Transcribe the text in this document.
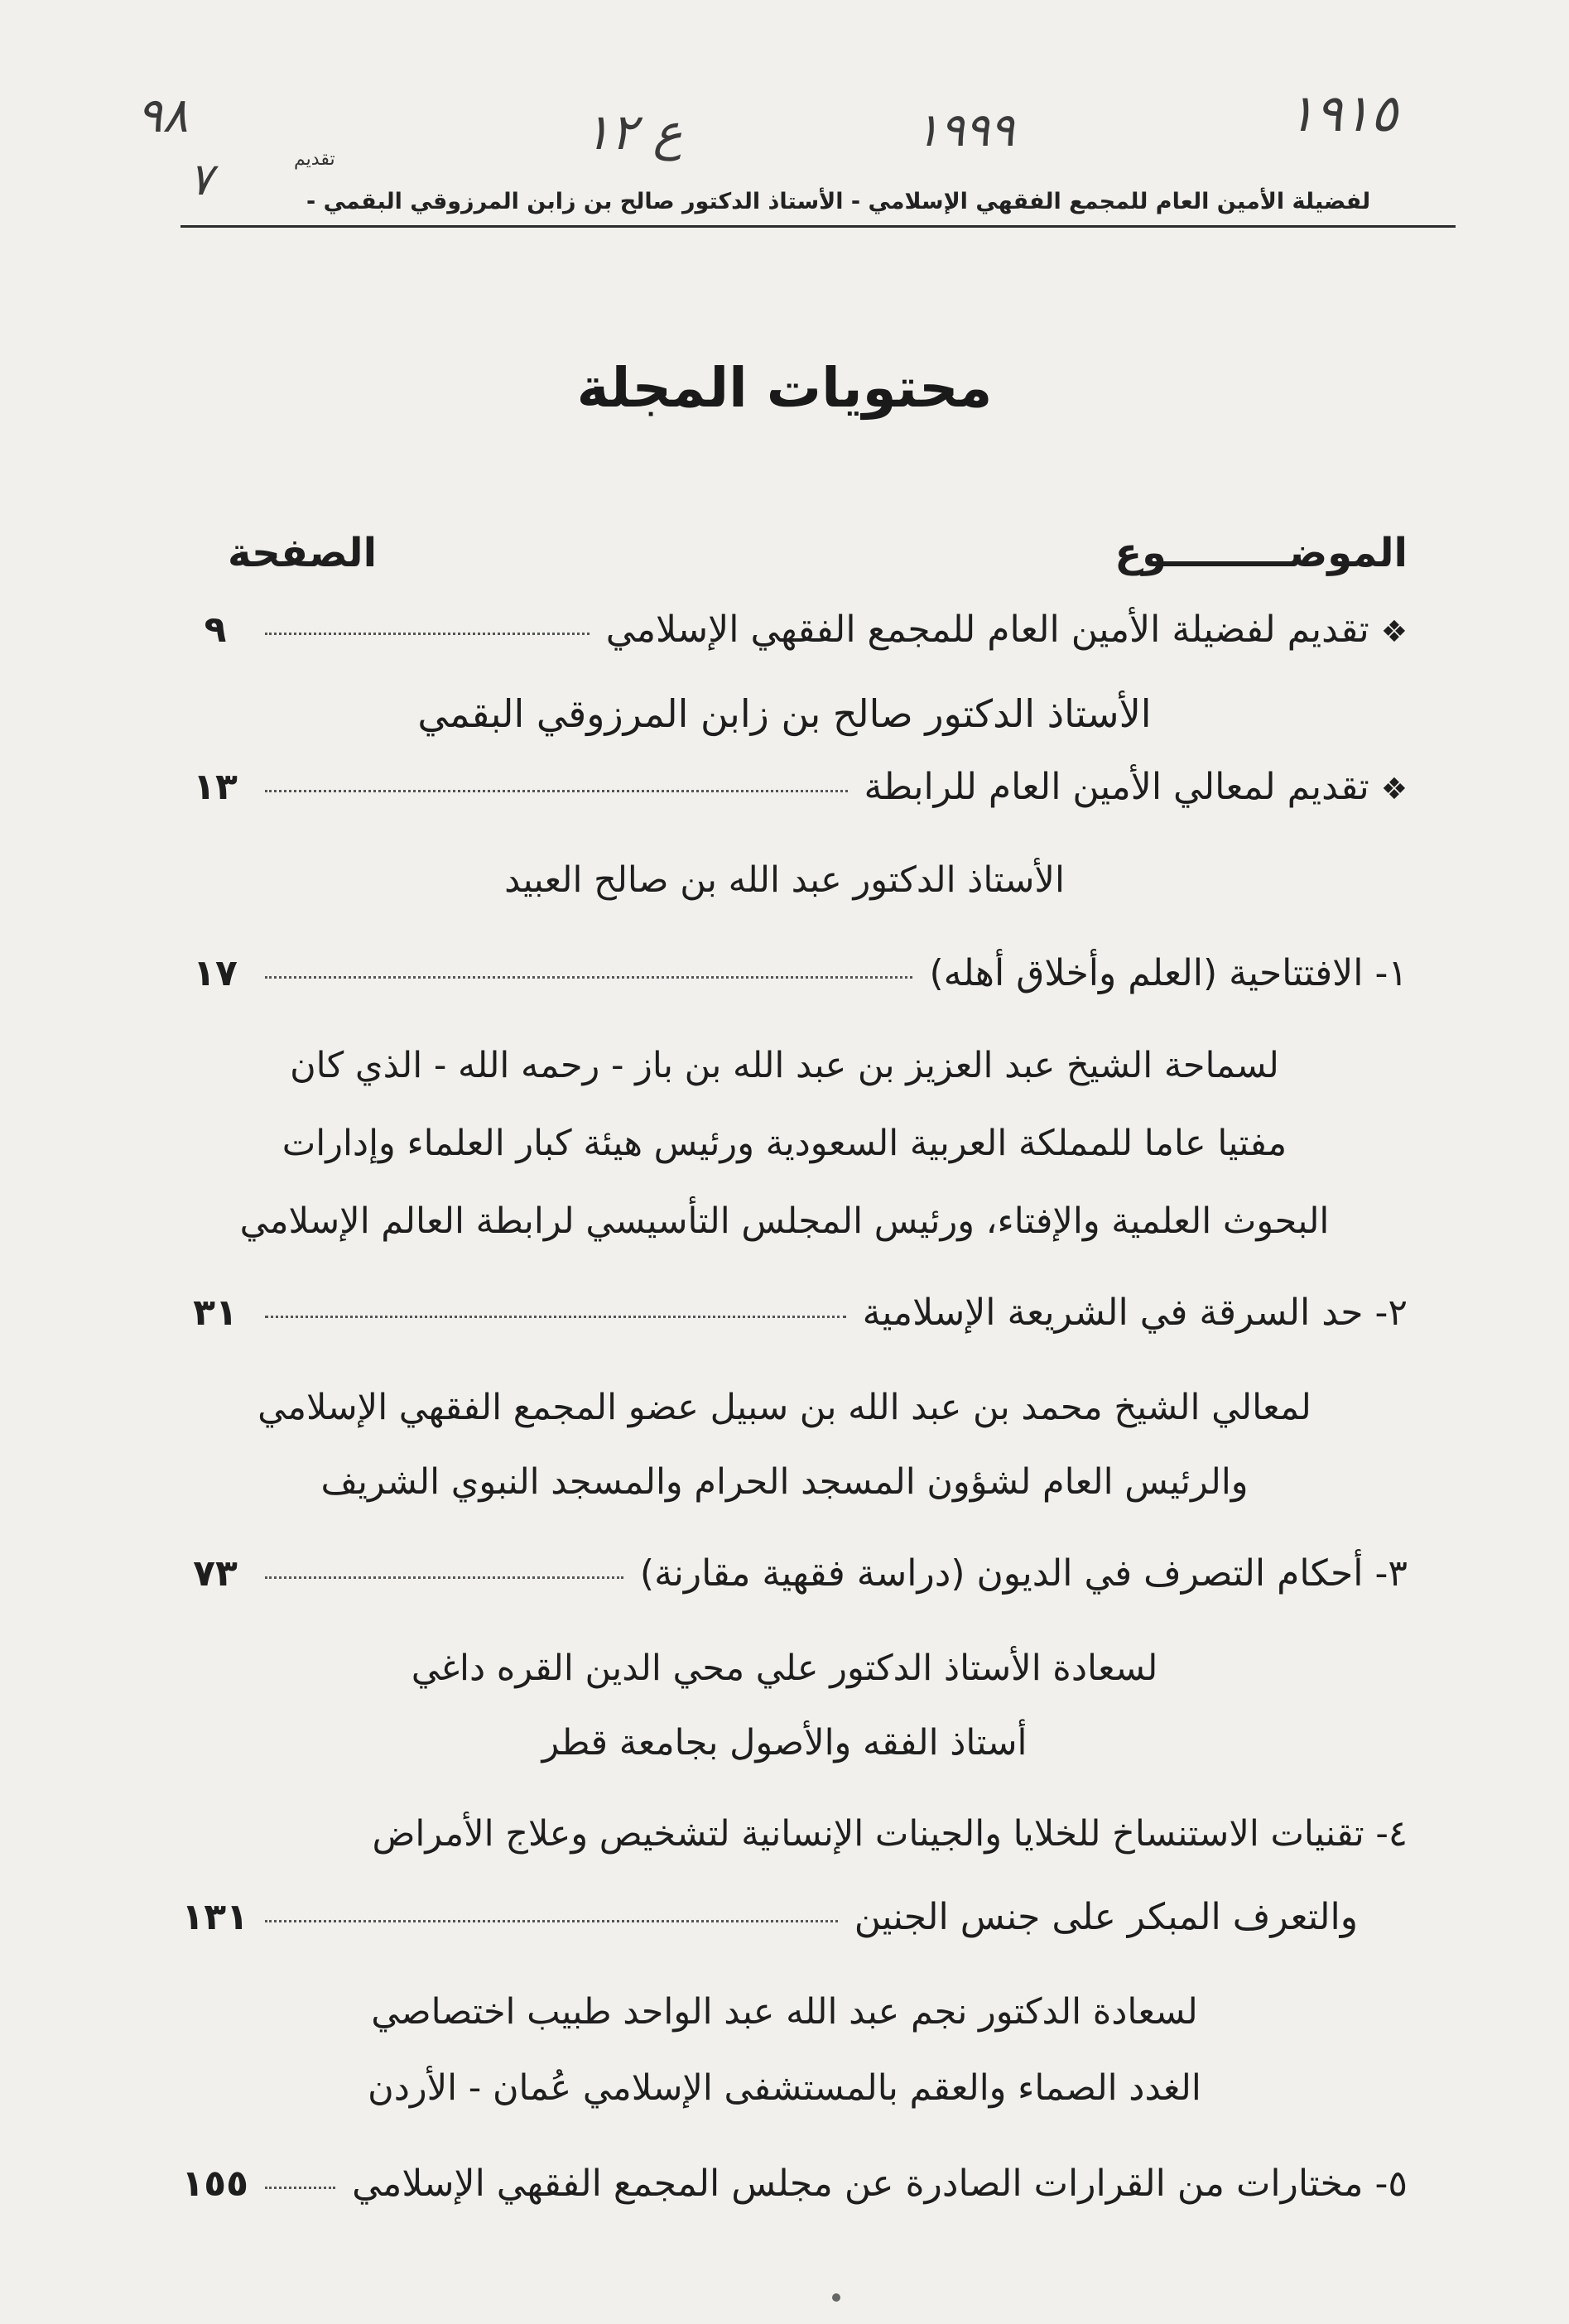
٩٨
٧
١٩٩٩
ع ١٢	١٩١٥
تقديم
لفضيلة الأمين العام للمجمع الفقهي الإسلامي - الأستاذ الدكتور صالح بن زابن المرزوقي البقمي -
محتويات المجلة
الموضـــــــــوع
الصفحة
❖تقديم لفضيلة الأمين العام للمجمع الفقهي الإسلامي
٩
الأستاذ الدكتور صالح بن زابن المرزوقي البقمي
❖تقديم لمعالي الأمين العام للرابطة
١٣
الأستاذ الدكتور عبد الله بن صالح العبيد
١- الافتتاحية (العلم وأخلاق أهله)
١٧
لسماحة الشيخ عبد العزيز بن عبد الله بن باز - رحمه الله - الذي كان
مفتيا عاما للمملكة العربية السعودية ورئيس هيئة كبار العلماء وإدارات
البحوث العلمية والإفتاء، ورئيس المجلس التأسيسي لرابطة العالم الإسلامي
٢- حد السرقة في الشريعة الإسلامية
٣١
لمعالي الشيخ محمد بن عبد الله بن سبيل عضو المجمع الفقهي الإسلامي
والرئيس العام لشؤون المسجد الحرام والمسجد النبوي الشريف
٣- أحكام التصرف في الديون (دراسة فقهية مقارنة)
٧٣
لسعادة الأستاذ الدكتور علي محي الدين القره داغي
أستاذ الفقه والأصول بجامعة قطر
٤- تقنيات الاستنساخ للخلايا والجينات الإنسانية لتشخيص وعلاج الأمراض
والتعرف المبكر على جنس الجنين
١٣١
لسعادة الدكتور نجم عبد الله عبد الواحد طبيب اختصاصي
الغدد الصماء والعقم بالمستشفى الإسلامي عُمان - الأردن
٥- مختارات من القرارات الصادرة عن مجلس المجمع الفقهي الإسلامي
١٥٥
